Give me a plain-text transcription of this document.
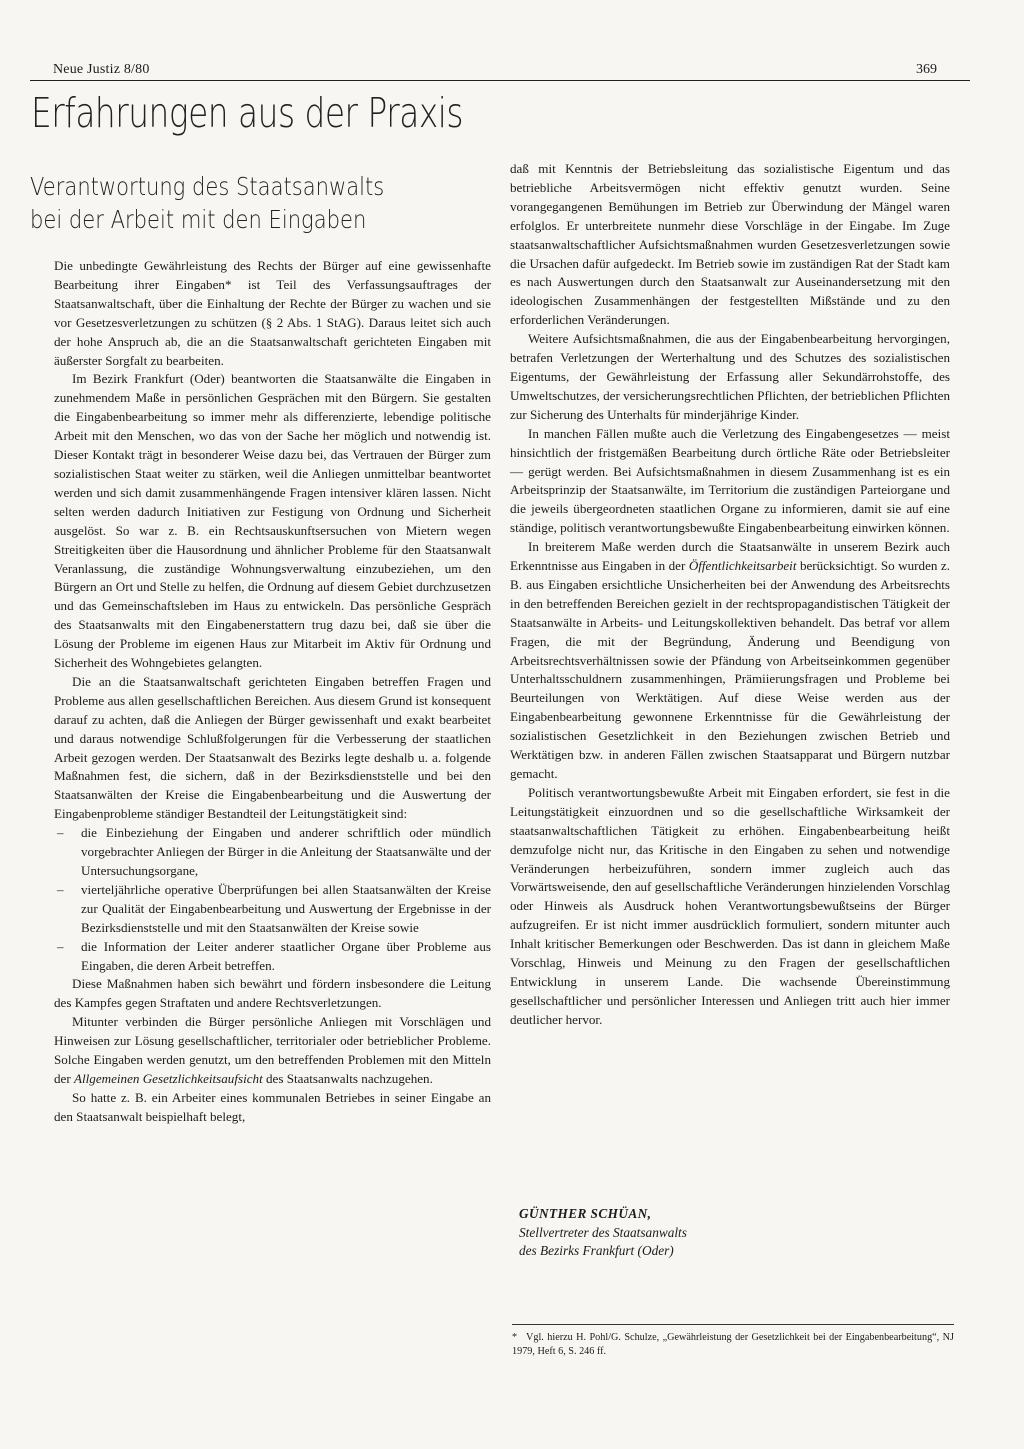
Neue Justiz 8/80	369
Erfahrungen aus der Praxis
Verantwortung des Staatsanwalts
bei der Arbeit mit den Eingaben

Die unbedingte Gewährleistung des Rechts der Bürger auf eine gewissenhafte Bearbeitung ihrer Eingaben* ist Teil des Verfassungsauftrages der Staatsanwaltschaft, über die Einhaltung der Rechte der Bürger zu wachen und sie vor Gesetzesverletzungen zu schützen (§ 2 Abs. 1 StAG). Daraus leitet sich auch der hohe Anspruch ab, die an die Staatsanwaltschaft gerichteten Eingaben mit äußerster Sorgfalt zu bearbeiten.

Im Bezirk Frankfurt (Oder) beantworten die Staatsanwälte die Eingaben in zunehmendem Maße in persönlichen Gesprächen mit den Bürgern. Sie gestalten die Eingabenbearbeitung so immer mehr als differenzierte, lebendige politische Arbeit mit den Menschen, wo das von der Sache her möglich und notwendig ist. Dieser Kontakt trägt in besonderer Weise dazu bei, das Vertrauen der Bürger zum sozialistischen Staat weiter zu stärken, weil die Anliegen unmittelbar beantwortet werden und sich damit zusammenhängende Fragen intensiver klären lassen. Nicht selten werden dadurch Initiativen zur Festigung von Ordnung und Sicherheit ausgelöst. So war z. B. ein Rechtsauskunftsersuchen von Mietern wegen Streitigkeiten über die Hausordnung und ähnlicher Probleme für den Staatsanwalt Veranlassung, die zuständige Wohnungsverwaltung einzubeziehen, um den Bürgern an Ort und Stelle zu helfen, die Ordnung auf diesem Gebiet durchzusetzen und das Gemeinschaftsleben im Haus zu entwickeln. Das persönliche Gespräch des Staatsanwalts mit den Eingabenerstattern trug dazu bei, daß sie über die Lösung der Probleme im eigenen Haus zur Mitarbeit im Aktiv für Ordnung und Sicherheit des Wohngebietes gelangten.

Die an die Staatsanwaltschaft gerichteten Eingaben betreffen Fragen und Probleme aus allen gesellschaftlichen Bereichen. Aus diesem Grund ist konsequent darauf zu achten, daß die Anliegen der Bürger gewissenhaft und exakt bearbeitet und daraus notwendige Schlußfolgerungen für die Verbesserung der staatlichen Arbeit gezogen werden. Der Staatsanwalt des Bezirks legte deshalb u. a. folgende Maßnahmen fest, die sichern, daß in der Bezirksdienststelle und bei den Staatsanwälten der Kreise die Eingabenbearbeitung und die Auswertung der Eingabenprobleme ständiger Bestandteil der Leitungstätigkeit sind:

– die Einbeziehung der Eingaben und anderer schriftlich oder mündlich vorgebrachter Anliegen der Bürger in die Anleitung der Staatsanwälte und der Untersuchungsorgane,
– vierteljährliche operative Überprüfungen bei allen Staatsanwälten der Kreise zur Qualität der Eingabenbearbeitung und Auswertung der Ergebnisse in der Bezirksdienststelle und mit den Staatsanwälten der Kreise sowie
– die Information der Leiter anderer staatlicher Organe über Probleme aus Eingaben, die deren Arbeit betreffen.

Diese Maßnahmen haben sich bewährt und fördern insbesondere die Leitung des Kampfes gegen Straftaten und andere Rechtsverletzungen.

Mitunter verbinden die Bürger persönliche Anliegen mit Vorschlägen und Hinweisen zur Lösung gesellschaftlicher, territorialer oder betrieblicher Probleme. Solche Eingaben werden genutzt, um den betreffenden Problemen mit den Mitteln der Allgemeinen Gesetzlichkeitsaufsicht des Staatsanwalts nachzugehen.

So hatte z. B. ein Arbeiter eines kommunalen Betriebes in seiner Eingabe an den Staatsanwalt beispielhaft belegt,

daß mit Kenntnis der Betriebsleitung das sozialistische Eigentum und das betriebliche Arbeitsvermögen nicht effektiv genutzt wurden. Seine vorangegangenen Bemühungen im Betrieb zur Überwindung der Mängel waren erfolglos. Er unterbreitete nunmehr diese Vorschläge in der Eingabe. Im Zuge staatsanwaltschaftlicher Aufsichtsmaßnahmen wurden Gesetzesverletzungen sowie die Ursachen dafür aufgedeckt. Im Betrieb sowie im zuständigen Rat der Stadt kam es nach Auswertungen durch den Staatsanwalt zur Auseinandersetzung mit den ideologischen Zusammenhängen der festgestellten Mißstände und zu den erforderlichen Veränderungen.

Weitere Aufsichtsmaßnahmen, die aus der Eingabenbearbeitung hervorgingen, betrafen Verletzungen der Werterhaltung und des Schutzes des sozialistischen Eigentums, der Gewährleistung der Erfassung aller Sekundärrohstoffe, des Umweltschutzes, der versicherungsrechtlichen Pflichten, der betrieblichen Pflichten zur Sicherung des Unterhalts für minderjährige Kinder.

In manchen Fällen mußte auch die Verletzung des Eingabengesetzes — meist hinsichtlich der fristgemäßen Bearbeitung durch örtliche Räte oder Betriebsleiter — gerügt werden. Bei Aufsichtsmaßnahmen in diesem Zusammenhang ist es ein Arbeitsprinzip der Staatsanwälte, im Territorium die zuständigen Parteiorgane und die jeweils übergeordneten staatlichen Organe zu informieren, damit sie auf eine ständige, politisch verantwortungsbewußte Eingabenbearbeitung einwirken können.

In breiterem Maße werden durch die Staatsanwälte in unserem Bezirk auch Erkenntnisse aus Eingaben in der Öffentlichkeitsarbeit berücksichtigt. So wurden z. B. aus Eingaben ersichtliche Unsicherheiten bei der Anwendung des Arbeitsrechts in den betreffenden Bereichen gezielt in der rechtspropagandistischen Tätigkeit der Staatsanwälte in Arbeits- und Leitungskollektiven behandelt. Das betraf vor allem Fragen, die mit der Begründung, Änderung und Beendigung von Arbeitsrechtsverhältnissen sowie der Pfändung von Arbeitseinkommen gegenüber Unterhaltsschuldnern zusammenhingen, Prämiierungsfragen und Probleme bei Beurteilungen von Werktätigen. Auf diese Weise werden aus der Eingabenbearbeitung gewonnene Erkenntnisse für die Gewährleistung der sozialistischen Gesetzlichkeit in den Beziehungen zwischen Betrieb und Werktätigen bzw. in anderen Fällen zwischen Staatsapparat und Bürgern nutzbar gemacht.

Politisch verantwortungsbewußte Arbeit mit Eingaben erfordert, sie fest in die Leitungstätigkeit einzuordnen und so die gesellschaftliche Wirksamkeit der staatsanwaltschaftlichen Tätigkeit zu erhöhen. Eingabenbearbeitung heißt demzufolge nicht nur, das Kritische in den Eingaben zu sehen und notwendige Veränderungen herbeizuführen, sondern immer zugleich auch das Vorwärtsweisende, den auf gesellschaftliche Veränderungen hinzielenden Vorschlag oder Hinweis als Ausdruck hohen Verantwortungsbewußtseins der Bürger aufzugreifen. Er ist nicht immer ausdrücklich formuliert, sondern mitunter auch Inhalt kritischer Bemerkungen oder Beschwerden. Das ist dann in gleichem Maße Vorschlag, Hinweis und Meinung zu den Fragen der gesellschaftlichen Entwicklung in unserem Lande. Die wachsende Übereinstimmung gesellschaftlicher und persönlicher Interessen und Anliegen tritt auch hier immer deutlicher hervor.

GÜNTHER SCHÜAN,
Stellvertreter des Staatsanwalts
des Bezirks Frankfurt (Oder)
* Vgl. hierzu H. Pohl/G. Schulze, „Gewährleistung der Gesetzlichkeit bei der Eingabenbearbeitung“, NJ 1979, Heft 6, S. 246 ff.
